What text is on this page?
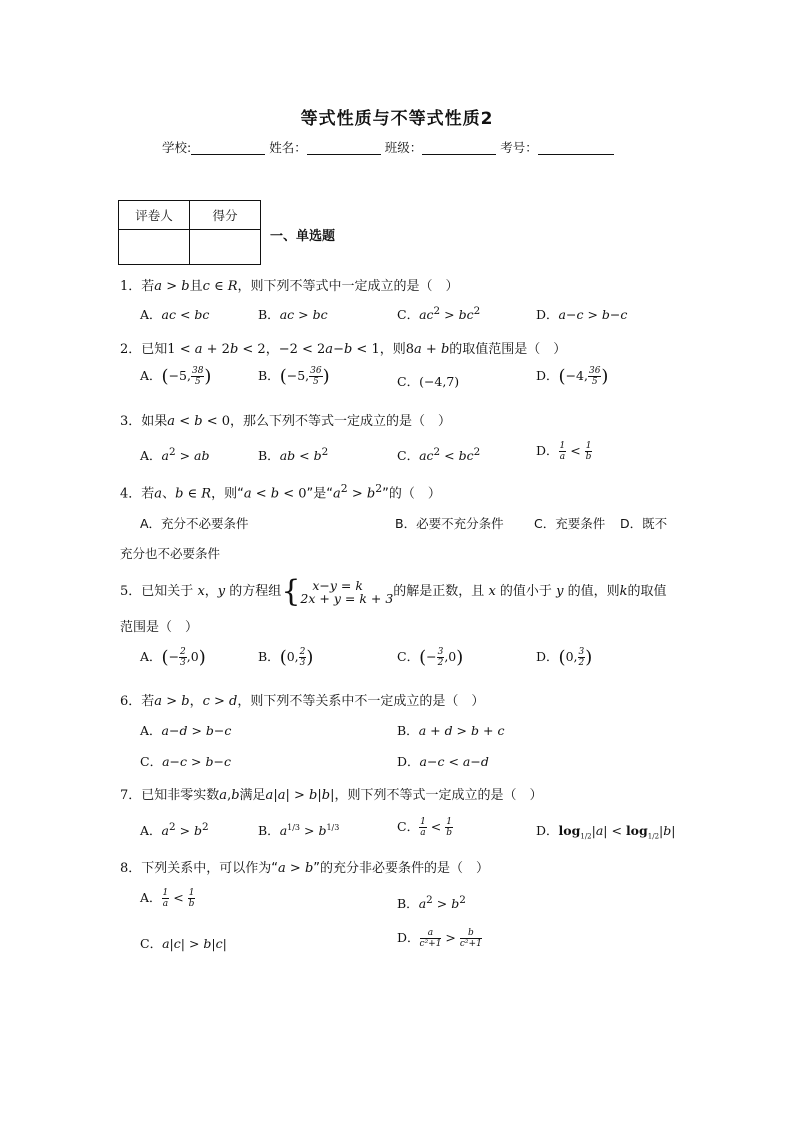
等式性质与不等式性质2
学校:	姓名：	班级：	考号：
评卷人	得分

一、单选题
1．若a > b且c ∈ R，则下列不等式中一定成立的是（　）
A．ac < bc	B．ac > bc	C．$ac^2 > bc^2$	D．a−c > b−c
2．已知1 < a + 2b < 2，−2 < 2a−b < 1，则8a + b的取值范围是（　）
A．(−5, $\frac{38}{5}$ )	B．(−5, $\frac{36}{5}$ )	C．(−4,7)	D．(−4, $\frac{36}{5}$ )
3．如果a < b < 0，那么下列不等式一定成立的是（　）
A．$a^2$ > ab	B．ab < $b^2$	C．$ac^2 < bc^2$	D． $\frac{1}{a} < \frac{1}{b}$
4．若a、b ∈ R，则“a < b < 0”是“$a^2 > b^2$”的（　）
A．充分不必要条件	B．必要不充分条件 C．充要条件 D．既不
充分也不必要条件
5．已知关于 x，y 的方程组{ x−y = k
2x + y = k + 3 的解是正数，且 x 的值小于 y 的值，则k的取值
范围是（　）
A．(− $\frac{2}{3} ,0$)	B．(0, $\frac{2}{3}$ )	C．(− $\frac{3}{2} ,0$)	D．(0, $\frac{3}{2}$ )
6．若a > b，c > d，则下列不等关系中不一定成立的是（　）
A．a−d > b−c	B．a + d > b + c
C．a−c > b−c	D．a−c < a−d
7．已知非零实数a,b满足a|a| > b|b|，则下列不等式一定成立的是（　）
A．$a^2 > b^2$	B．$a^{1/3} > b^{1/3}$	C． $\frac{1}{a} < \frac{1}{b}$	D．$\log_{1/2}|a| < \log_{1/2}|b|$
8．下列关系中，可以作为“a > b”的充分非必要条件的是（　）
A． $\frac{1}{a} < \frac{1}{b}$	B．$a^2 > b^2$
C．a|c| > b|c|	D． $\frac{a}{\text{c²+1}} > \frac{b}{\text{c²+1}}$
